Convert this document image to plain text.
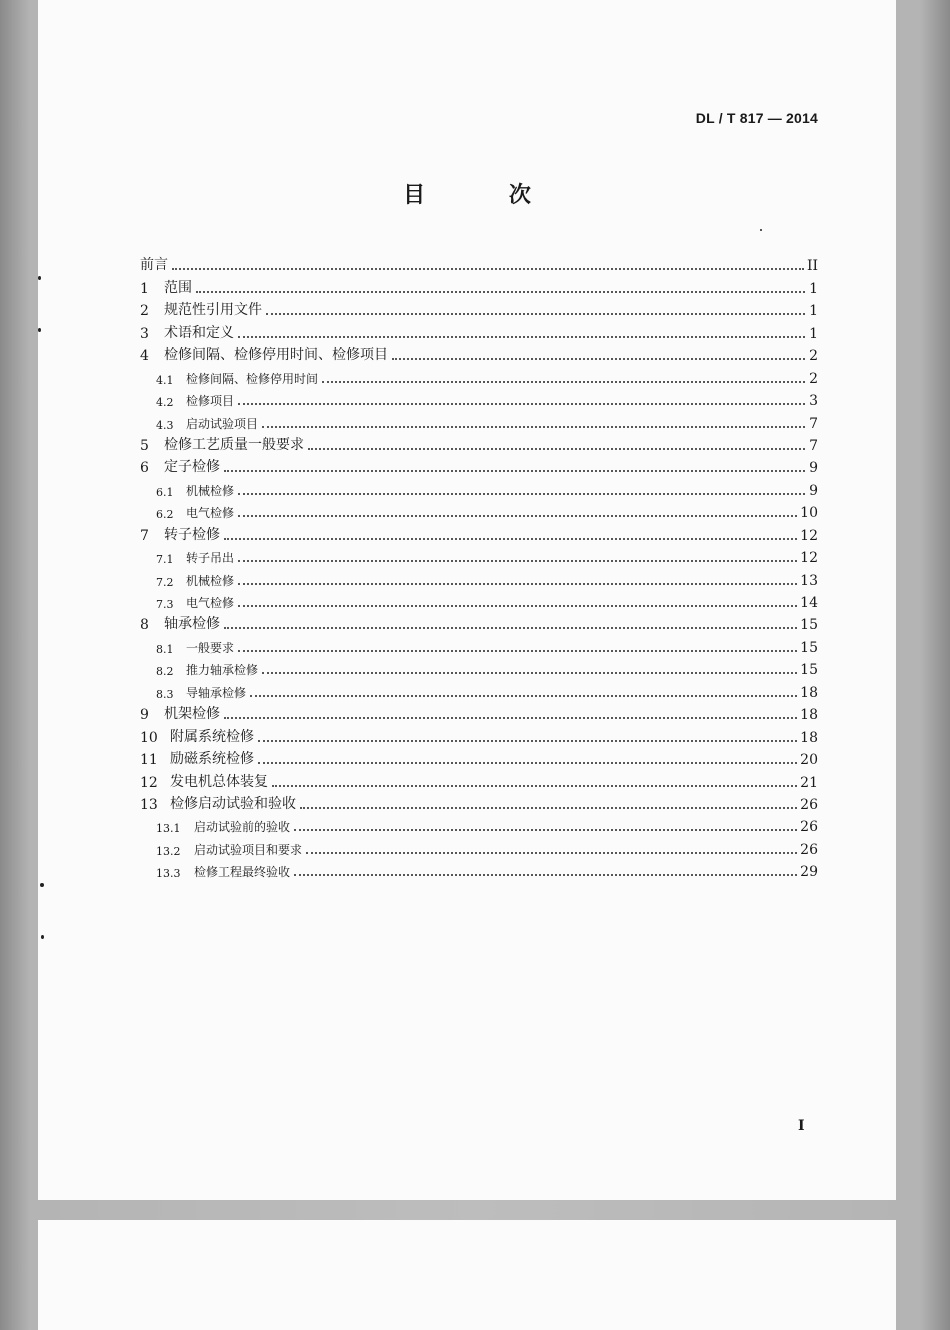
DL / T 817 — 2014
目 次
前言	II
1	范围	1
2	规范性引用文件	1
3	术语和定义	1
4	检修间隔、检修停用时间、检修项目	2
4.1	检修间隔、检修停用时间	2
4.2	检修项目	3
4.3	启动试验项目	7
5	检修工艺质量一般要求	7
6	定子检修	9
6.1	机械检修	9
6.2	电气检修	10
7	转子检修	12
7.1	转子吊出	12
7.2	机械检修	13
7.3	电气检修	14
8	轴承检修	15
8.1	一般要求	15
8.2	推力轴承检修	15
8.3	导轴承检修	18
9	机架检修	18
10 附属系统检修	18
11 励磁系统检修	20
12 发电机总体装复	21
13 检修启动试验和验收	26
13.1	启动试验前的验收	26
13.2	启动试验项目和要求	26
13.3	检修工程最终验收	29
I
